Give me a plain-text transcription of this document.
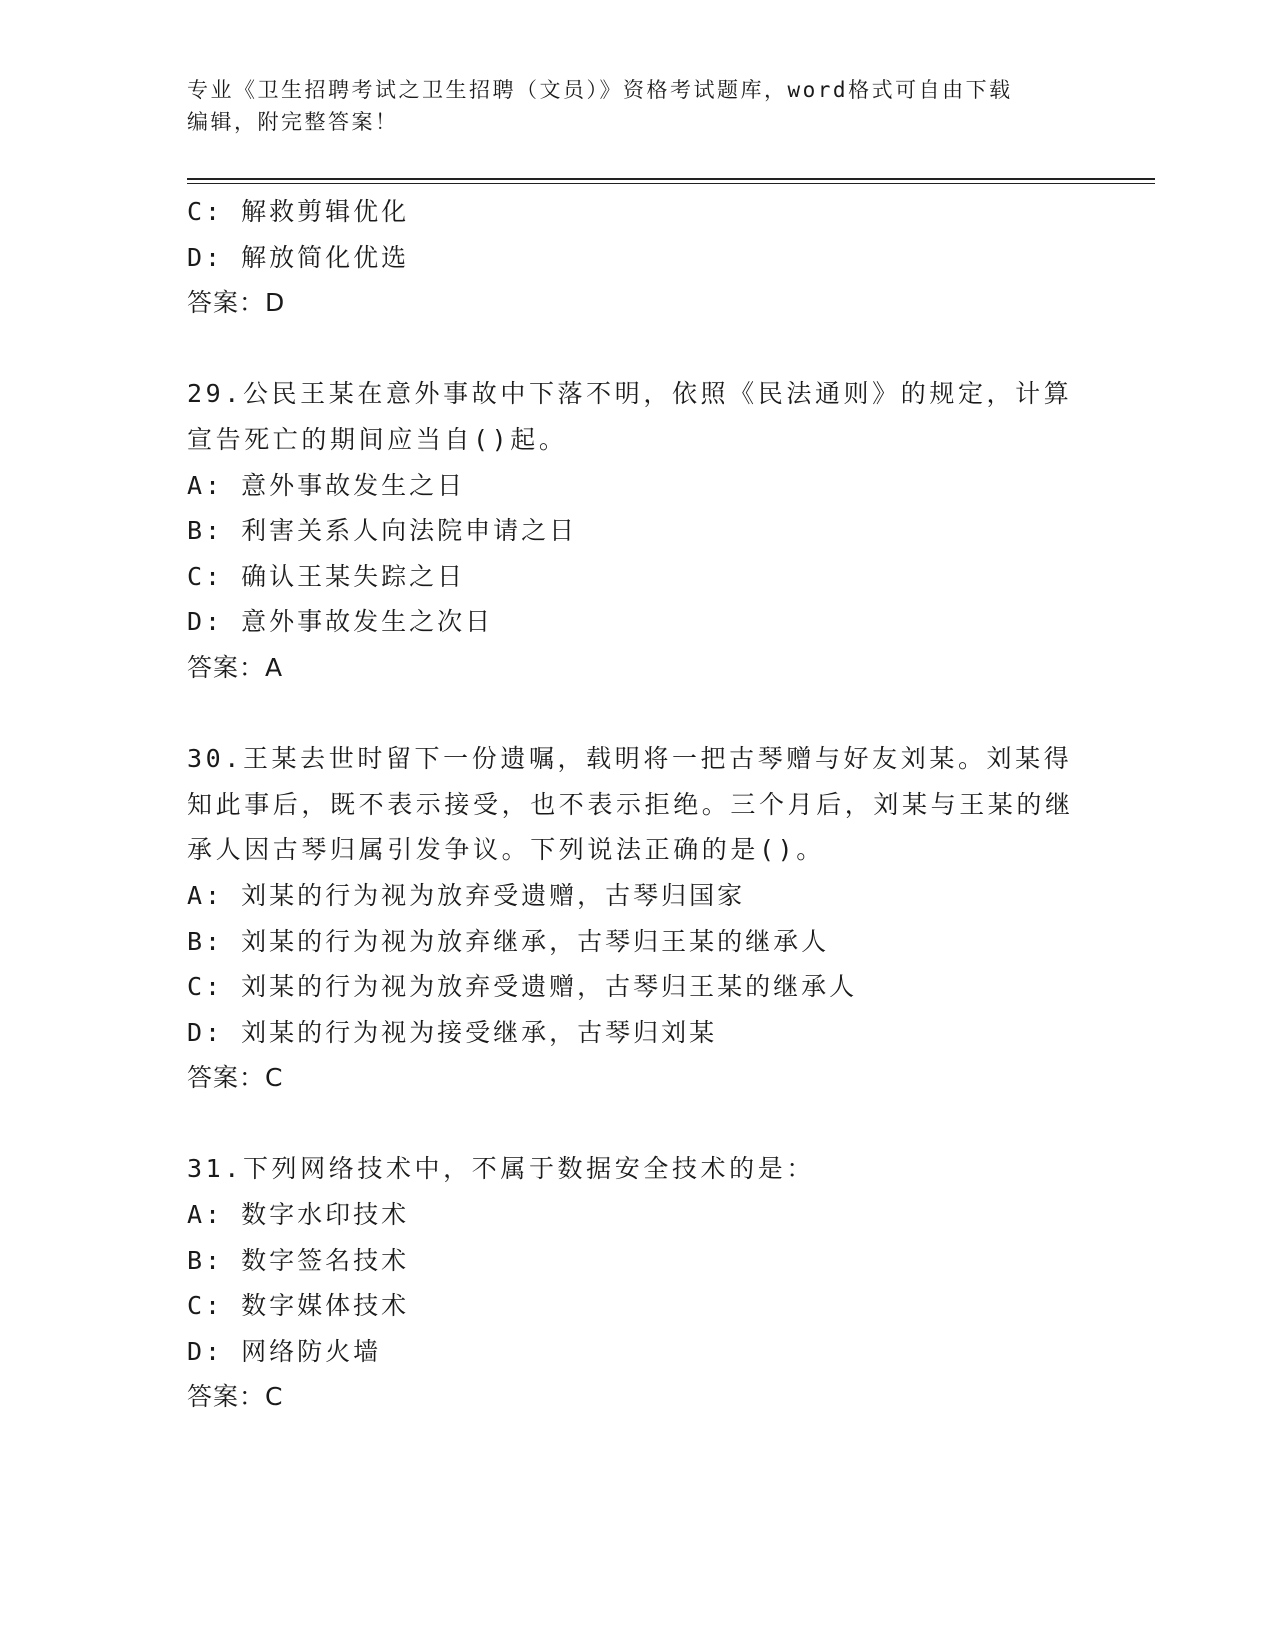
专业《卫生招聘考试之卫生招聘（文员）》资格考试题库，word格式可自由下载
编辑，附完整答案！
C: 解救剪辑优化
D: 解放简化优选
答案：D
29.公民王某在意外事故中下落不明，依照《民法通则》的规定，计算宣告死亡的期间应当自()起。
A: 意外事故发生之日
B: 利害关系人向法院申请之日
C: 确认王某失踪之日
D: 意外事故发生之次日
答案：A
30.王某去世时留下一份遗嘱，载明将一把古琴赠与好友刘某。刘某得知此事后，既不表示接受，也不表示拒绝。三个月后，刘某与王某的继承人因古琴归属引发争议。下列说法正确的是()。
A: 刘某的行为视为放弃受遗赠，古琴归国家
B: 刘某的行为视为放弃继承，古琴归王某的继承人
C: 刘某的行为视为放弃受遗赠，古琴归王某的继承人
D: 刘某的行为视为接受继承，古琴归刘某
答案：C
31.下列网络技术中，不属于数据安全技术的是：
A: 数字水印技术
B: 数字签名技术
C: 数字媒体技术
D: 网络防火墙
答案：C
